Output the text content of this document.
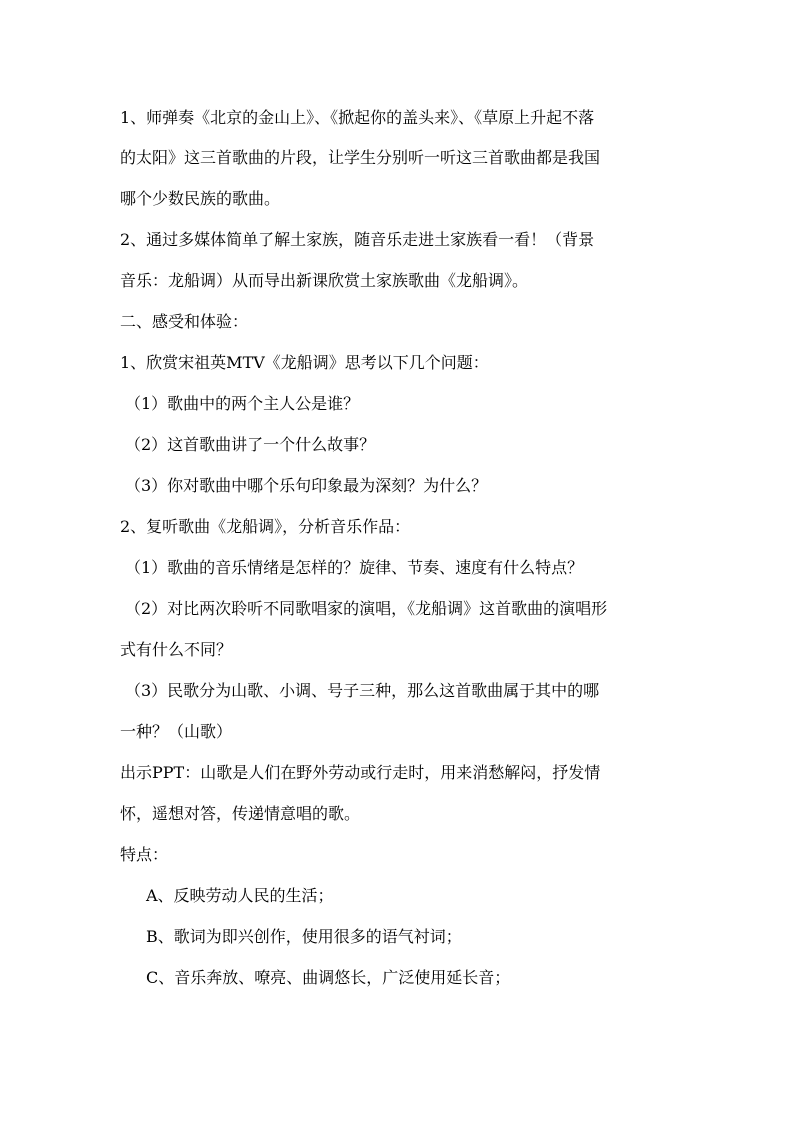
1、师弹奏《北京的金山上》、《掀起你的盖头来》、《草原上升起不落
的太阳》这三首歌曲的片段，让学生分别听一听这三首歌曲都是我国
哪个少数民族的歌曲。
2、通过多媒体简单了解土家族，随音乐走进土家族看一看！（背景
音乐：龙船调）从而导出新课欣赏土家族歌曲《龙船调》。
二、感受和体验：
1、欣赏宋祖英MTV《龙船调》思考以下几个问题：
（1）歌曲中的两个主人公是谁？
（2）这首歌曲讲了一个什么故事？
（3）你对歌曲中哪个乐句印象最为深刻？为什么？
2、复听歌曲《龙船调》，分析音乐作品：
（1）歌曲的音乐情绪是怎样的？旋律、节奏、速度有什么特点？
（2）对比两次聆听不同歌唱家的演唱，《龙船调》这首歌曲的演唱形
式有什么不同？
（3）民歌分为山歌、小调、号子三种，那么这首歌曲属于其中的哪
一种？（山歌）
出示PPT：山歌是人们在野外劳动或行走时，用来消愁解闷，抒发情
怀，遥想对答，传递情意唱的歌。
特点：
A、反映劳动人民的生活；
B、歌词为即兴创作，使用很多的语气衬词；
C、音乐奔放、嘹亮、曲调悠长，广泛使用延长音；
